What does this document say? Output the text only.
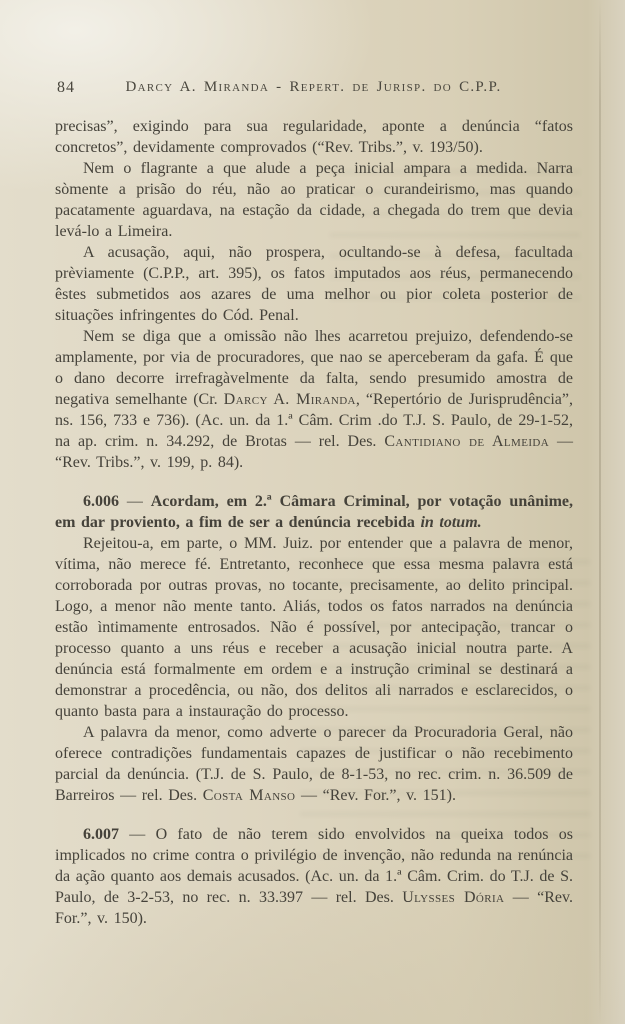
84	Darcy A. Miranda - Repert. de Jurisp. do C.P.P.

precisas”, exigindo para sua regularidade, aponte a denúncia “fatos concretos”, devidamente comprovados (“Rev. Tribs.”, v. 193/50).

Nem o flagrante a que alude a peça inicial ampara a medida. Narra sòmente a prisão do réu, não ao praticar o curandeirismo, mas quando pacatamente aguardava, na estação da cidade, a chegada do trem que devia levá-lo a Limeira.

A acusação, aqui, não prospera, ocultando-se à defesa, facultada prèviamente (C.P.P., art. 395), os fatos imputados aos réus, permanecendo êstes submetidos aos azares de uma melhor ou pior coleta posterior de situações infringentes do Cód. Penal.

Nem se diga que a omissão não lhes acarretou prejuizo, defendendo-se amplamente, por via de procuradores, que nao se aperceberam da gafa. É que o dano decorre irrefragàvelmente da falta, sendo presumido amostra de negativa semelhante (Cr. Darcy A. Miranda, “Repertório de Jurisprudência”, ns. 156, 733 e 736). (Ac. un. da 1.ª Câm. Crim .do T.J. S. Paulo, de 29-1-52, na ap. crim. n. 34.292, de Brotas — rel. Des. Cantidiano de Almeida — “Rev. Tribs.”, v. 199, p. 84).

6.006 — Acordam, em 2.ª Câmara Criminal, por votação unânime, em dar proviento, a fim de ser a denúncia recebida in totum.

Rejeitou-a, em parte, o MM. Juiz. por entender que a palavra de menor, vítima, não merece fé. Entretanto, reconhece que essa mesma palavra está corroborada por outras provas, no tocante, precisamente, ao delito principal. Logo, a menor não mente tanto. Aliás, todos os fatos narrados na denúncia estão ìntimamente entrosados. Não é possível, por antecipação, trancar o processo quanto a uns réus e receber a acusação inicial noutra parte. A denúncia está formalmente em ordem e a instrução criminal se destinará a demonstrar a procedência, ou não, dos delitos ali narrados e esclarecidos, o quanto basta para a instauração do processo.

A palavra da menor, como adverte o parecer da Procuradoria Geral, não oferece contradições fundamentais capazes de justificar o não recebimento parcial da denúncia. (T.J. de S. Paulo, de 8-1-53, no rec. crim. n. 36.509 de Barreiros — rel. Des. Costa Manso — “Rev. For.”, v. 151).

6.007 — O fato de não terem sido envolvidos na queixa todos os implicados no crime contra o privilégio de invenção, não redunda na renúncia da ação quanto aos demais acusados. (Ac. un. da 1.ª Câm. Crim. do T.J. de S. Paulo, de 3-2-53, no rec. n. 33.397 — rel. Des. Ulysses Dória — “Rev. For.”, v. 150).
